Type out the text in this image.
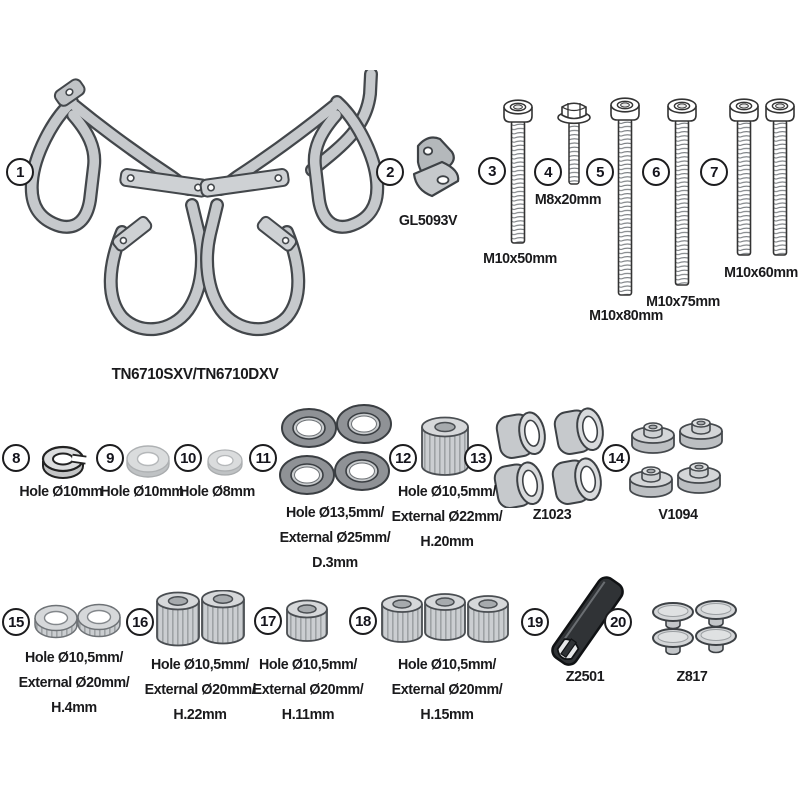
1	2	3	4	5	6	7
8	9	10	11	12	13	14
15	16	17	18	19	20
TN6710SXV/TN6710DXV
GL5093V
M10x50mm
M8x20mm
M10x80mm
M10x75mm
M10x60mm
Hole Ø10mm
Hole Ø10mm
Hole Ø8mm
Hole Ø13,5mm/
External Ø25mm/
D.3mm
Hole Ø10,5mm/
External Ø22mm/
H.20mm
Z1023	V1094
Hole Ø10,5mm/
External Ø20mm/
H.4mm
Hole Ø10,5mm/
External Ø20mm/
H.22mm
Hole Ø10,5mm/
External Ø20mm/
H.11mm
Hole Ø10,5mm/
External Ø20mm/
H.15mm
Z2501	Z817
